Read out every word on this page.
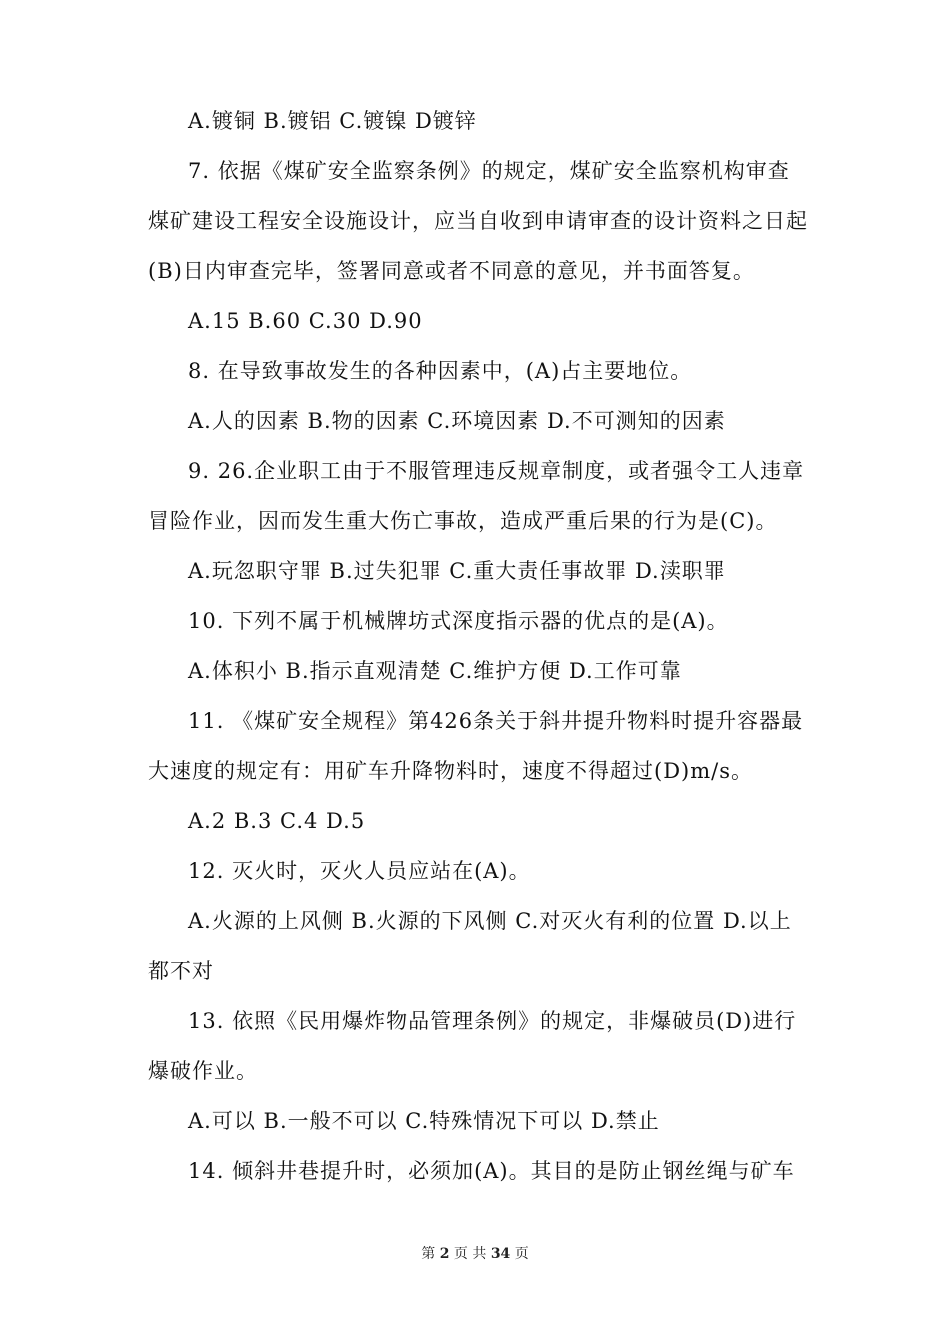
A.镀铜 B.镀铝 C.镀镍 D镀锌
7. 依据《煤矿安全监察条例》的规定，煤矿安全监察机构审查
煤矿建设工程安全设施设计，应当自收到申请审查的设计资料之日起
(B)日内审查完毕，签署同意或者不同意的意见，并书面答复。
A.15 B.60 C.30 D.90
8. 在导致事故发生的各种因素中，(A)占主要地位。
A.人的因素 B.物的因素 C.环境因素 D.不可测知的因素
9. 26.企业职工由于不服管理违反规章制度，或者强令工人违章
冒险作业，因而发生重大伤亡事故，造成严重后果的行为是(C)。
A.玩忽职守罪 B.过失犯罪 C.重大责任事故罪 D.渎职罪
10. 下列不属于机械牌坊式深度指示器的优点的是(A)。
A.体积小 B.指示直观清楚 C.维护方便 D.工作可靠
11. 《煤矿安全规程》第426条关于斜井提升物料时提升容器最
大速度的规定有：用矿车升降物料时，速度不得超过(D)m/s。
A.2 B.3 C.4 D.5
12. 灭火时，灭火人员应站在(A)。
A.火源的上风侧 B.火源的下风侧 C.对灭火有利的位置 D.以上
都不对
13. 依照《民用爆炸物品管理条例》的规定，非爆破员(D)进行
爆破作业。
A.可以 B.一般不可以 C.特殊情况下可以 D.禁止
14. 倾斜井巷提升时，必须加(A)。其目的是防止钢丝绳与矿车
第 2 页 共 34 页
